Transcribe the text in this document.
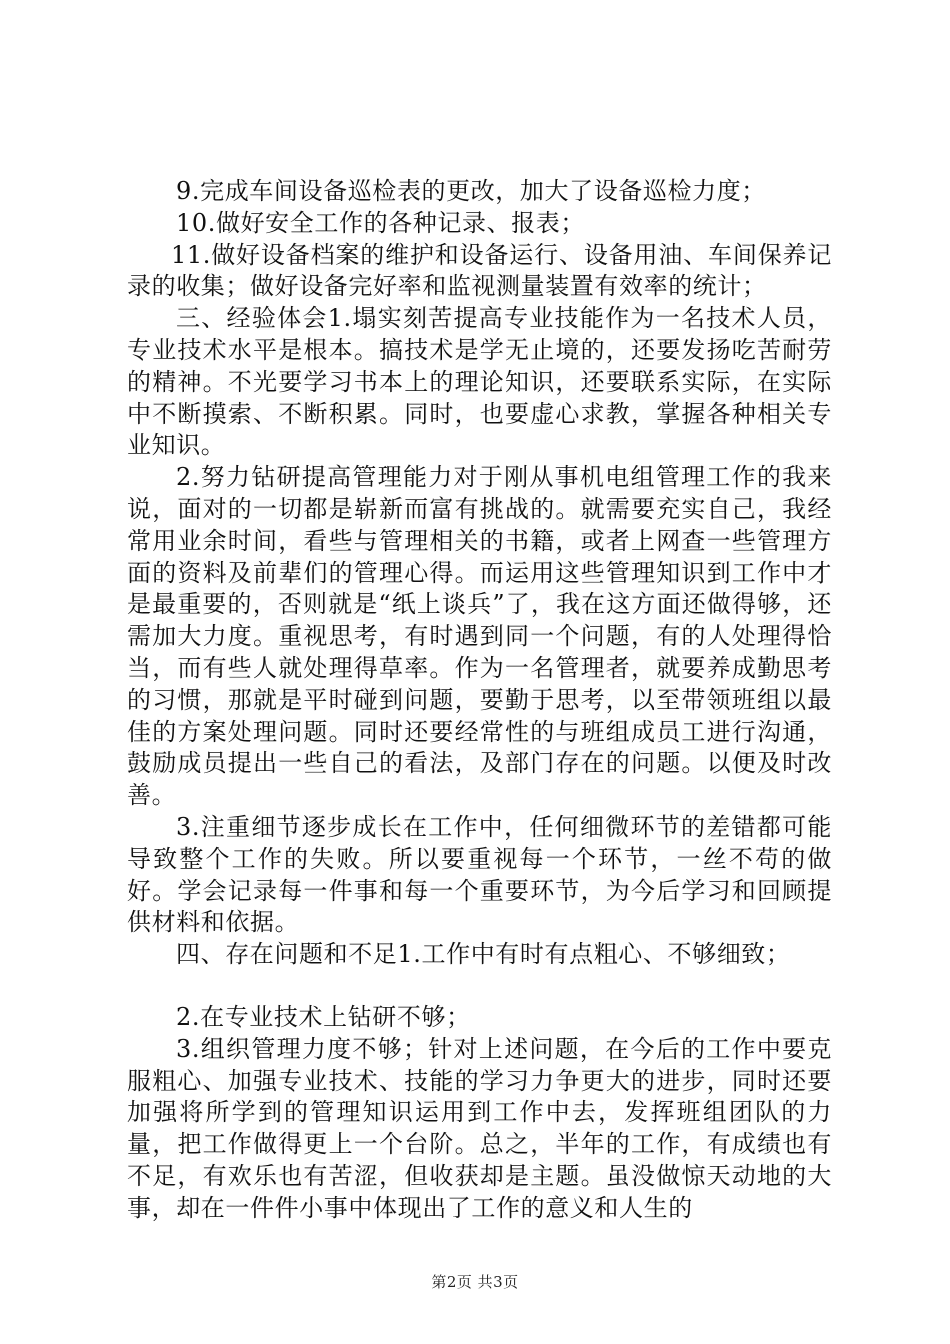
9.完成车间设备巡检表的更改，加大了设备巡检力度；

10.做好安全工作的各种记录、报表；

11.做好设备档案的维护和设备运行、设备用油、车间保养记录的收集；做好设备完好率和监视测量装置有效率的统计；

三、经验体会1.塌实刻苦提高专业技能作为一名技术人员，专业技术水平是根本。搞技术是学无止境的，还要发扬吃苦耐劳的精神。不光要学习书本上的理论知识，还要联系实际，在实际中不断摸索、不断积累。同时，也要虚心求教，掌握各种相关专业知识。

2.努力钻研提高管理能力对于刚从事机电组管理工作的我来说，面对的一切都是崭新而富有挑战的。就需要充实自己，我经常用业余时间，看些与管理相关的书籍，或者上网查一些管理方面的资料及前辈们的管理心得。而运用这些管理知识到工作中才是最重要的，否则就是“纸上谈兵”了，我在这方面还做得够，还需加大力度。重视思考，有时遇到同一个问题，有的人处理得恰当，而有些人就处理得草率。作为一名管理者，就要养成勤思考的习惯，那就是平时碰到问题，要勤于思考，以至带领班组以最佳的方案处理问题。同时还要经常性的与班组成员工进行沟通，鼓励成员提出一些自己的看法，及部门存在的问题。以便及时改善。

3.注重细节逐步成长在工作中，任何细微环节的差错都可能导致整个工作的失败。所以要重视每一个环节，一丝不苟的做好。学会记录每一件事和每一个重要环节，为今后学习和回顾提供材料和依据。

四、存在问题和不足1.工作中有时有点粗心、不够细致；

2.在专业技术上钻研不够；

3.组织管理力度不够；针对上述问题，在今后的工作中要克服粗心、加强专业技术、技能的学习力争更大的进步，同时还要加强将所学到的管理知识运用到工作中去，发挥班组团队的力量，把工作做得更上一个台阶。总之，半年的工作，有成绩也有不足，有欢乐也有苦涩，但收获却是主题。虽没做惊天动地的大事，却在一件件小事中体现出了工作的意义和人生的

第2页 共3页
